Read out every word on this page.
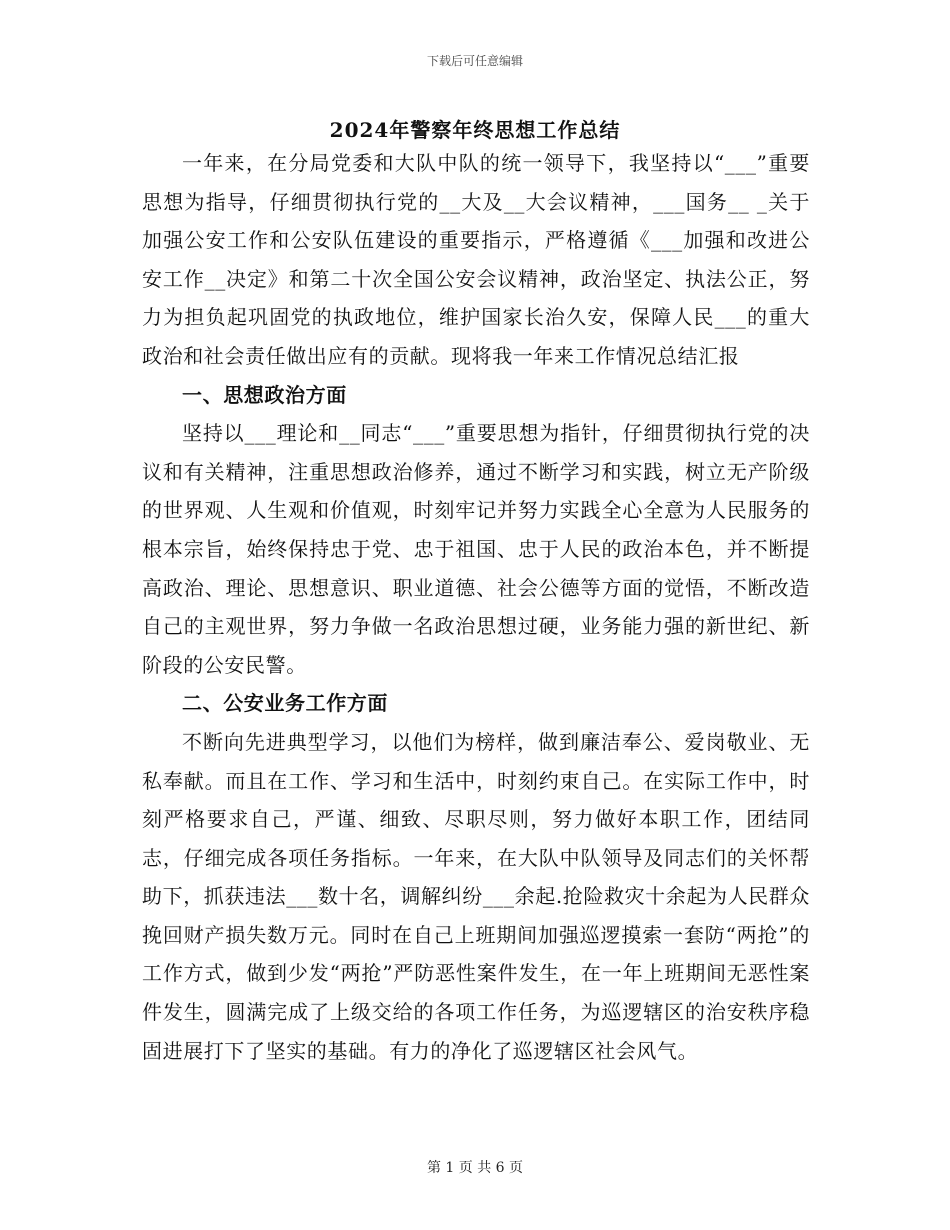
下载后可任意编辑
2024年警察年终思想工作总结

一年来，在分局党委和大队中队的统一领导下，我坚持以“___”重要思想为指导，仔细贯彻执行党的__大及__大会议精神，___国务__ _关于加强公安工作和公安队伍建设的重要指示，严格遵循《___加强和改进公安工作__决定》和第二十次全国公安会议精神，政治坚定、执法公正，努力为担负起巩固党的执政地位，维护国家长治久安，保障人民___的重大政治和社会责任做出应有的贡献。现将我一年来工作情况总结汇报

一、思想政治方面

坚持以___理论和__同志“___”重要思想为指针，仔细贯彻执行党的决议和有关精神，注重思想政治修养，通过不断学习和实践，树立无产阶级的世界观、人生观和价值观，时刻牢记并努力实践全心全意为人民服务的根本宗旨，始终保持忠于党、忠于祖国、忠于人民的政治本色，并不断提高政治、理论、思想意识、职业道德、社会公德等方面的觉悟，不断改造自己的主观世界，努力争做一名政治思想过硬，业务能力强的新世纪、新阶段的公安民警。

二、公安业务工作方面

不断向先进典型学习，以他们为榜样，做到廉洁奉公、爱岗敬业、无私奉献。而且在工作、学习和生活中，时刻约束自己。在实际工作中，时刻严格要求自己，严谨、细致、尽职尽则，努力做好本职工作，团结同志，仔细完成各项任务指标。一年来，在大队中队领导及同志们的关怀帮助下，抓获违法___数十名，调解纠纷___余起.抢险救灾十余起为人民群众挽回财产损失数万元。同时在自己上班期间加强巡逻摸索一套防“两抢”的工作方式，做到少发“两抢”严防恶性案件发生，在一年上班期间无恶性案件发生，圆满完成了上级交给的各项工作任务，为巡逻辖区的治安秩序稳固进展打下了坚实的基础。有力的净化了巡逻辖区社会风气。

第 1 页 共 6 页
